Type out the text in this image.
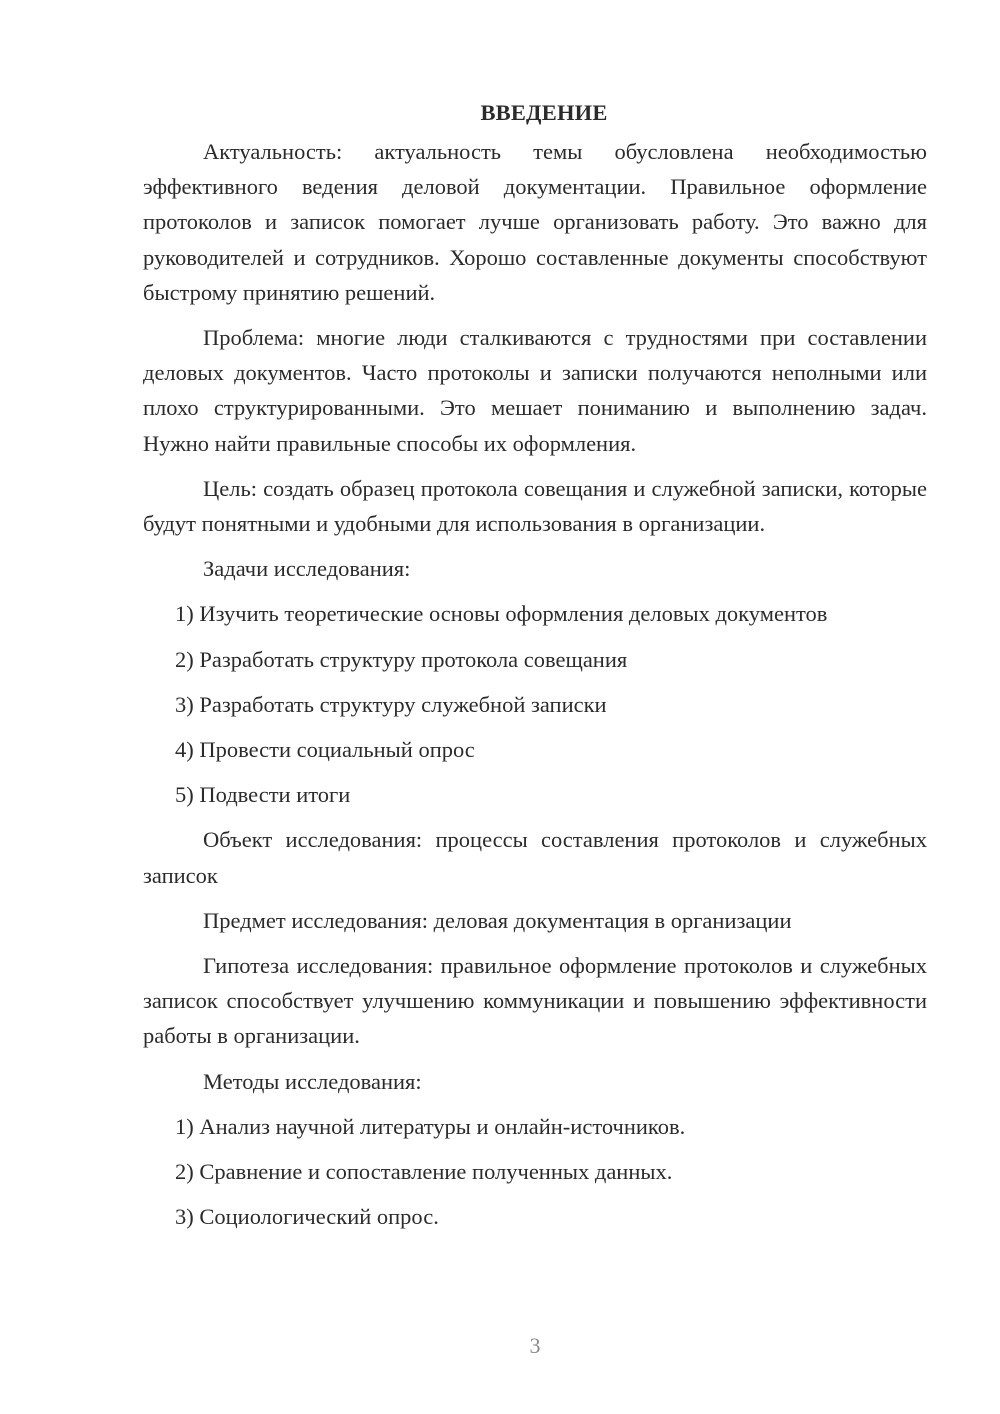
ВВЕДЕНИЕ

Актуальность: актуальность темы обусловлена необходимостью эффективного ведения деловой документации. Правильное оформление протоколов и записок помогает лучше организовать работу. Это важно для руководителей и сотрудников. Хорошо составленные документы способствуют быстрому принятию решений.

Проблема: многие люди сталкиваются с трудностями при составлении деловых документов. Часто протоколы и записки получаются неполными или плохо структурированными. Это мешает пониманию и выполнению задач. Нужно найти правильные способы их оформления.

Цель: создать образец протокола совещания и служебной записки, которые будут понятными и удобными для использования в организации.

Задачи исследования:

1) Изучить теоретические основы оформления деловых документов
2) Разработать структуру протокола совещания
3) Разработать структуру служебной записки
4) Провести социальный опрос
5) Подвести итоги

Объект исследования: процессы составления протоколов и служебных записок

Предмет исследования: деловая документация в организации

Гипотеза исследования: правильное оформление протоколов и служебных записок способствует улучшению коммуникации и повышению эффективности работы в организации.

Методы исследования:

1) Анализ научной литературы и онлайн-источников.
2) Сравнение и сопоставление полученных данных.
3) Социологический опрос.
3
